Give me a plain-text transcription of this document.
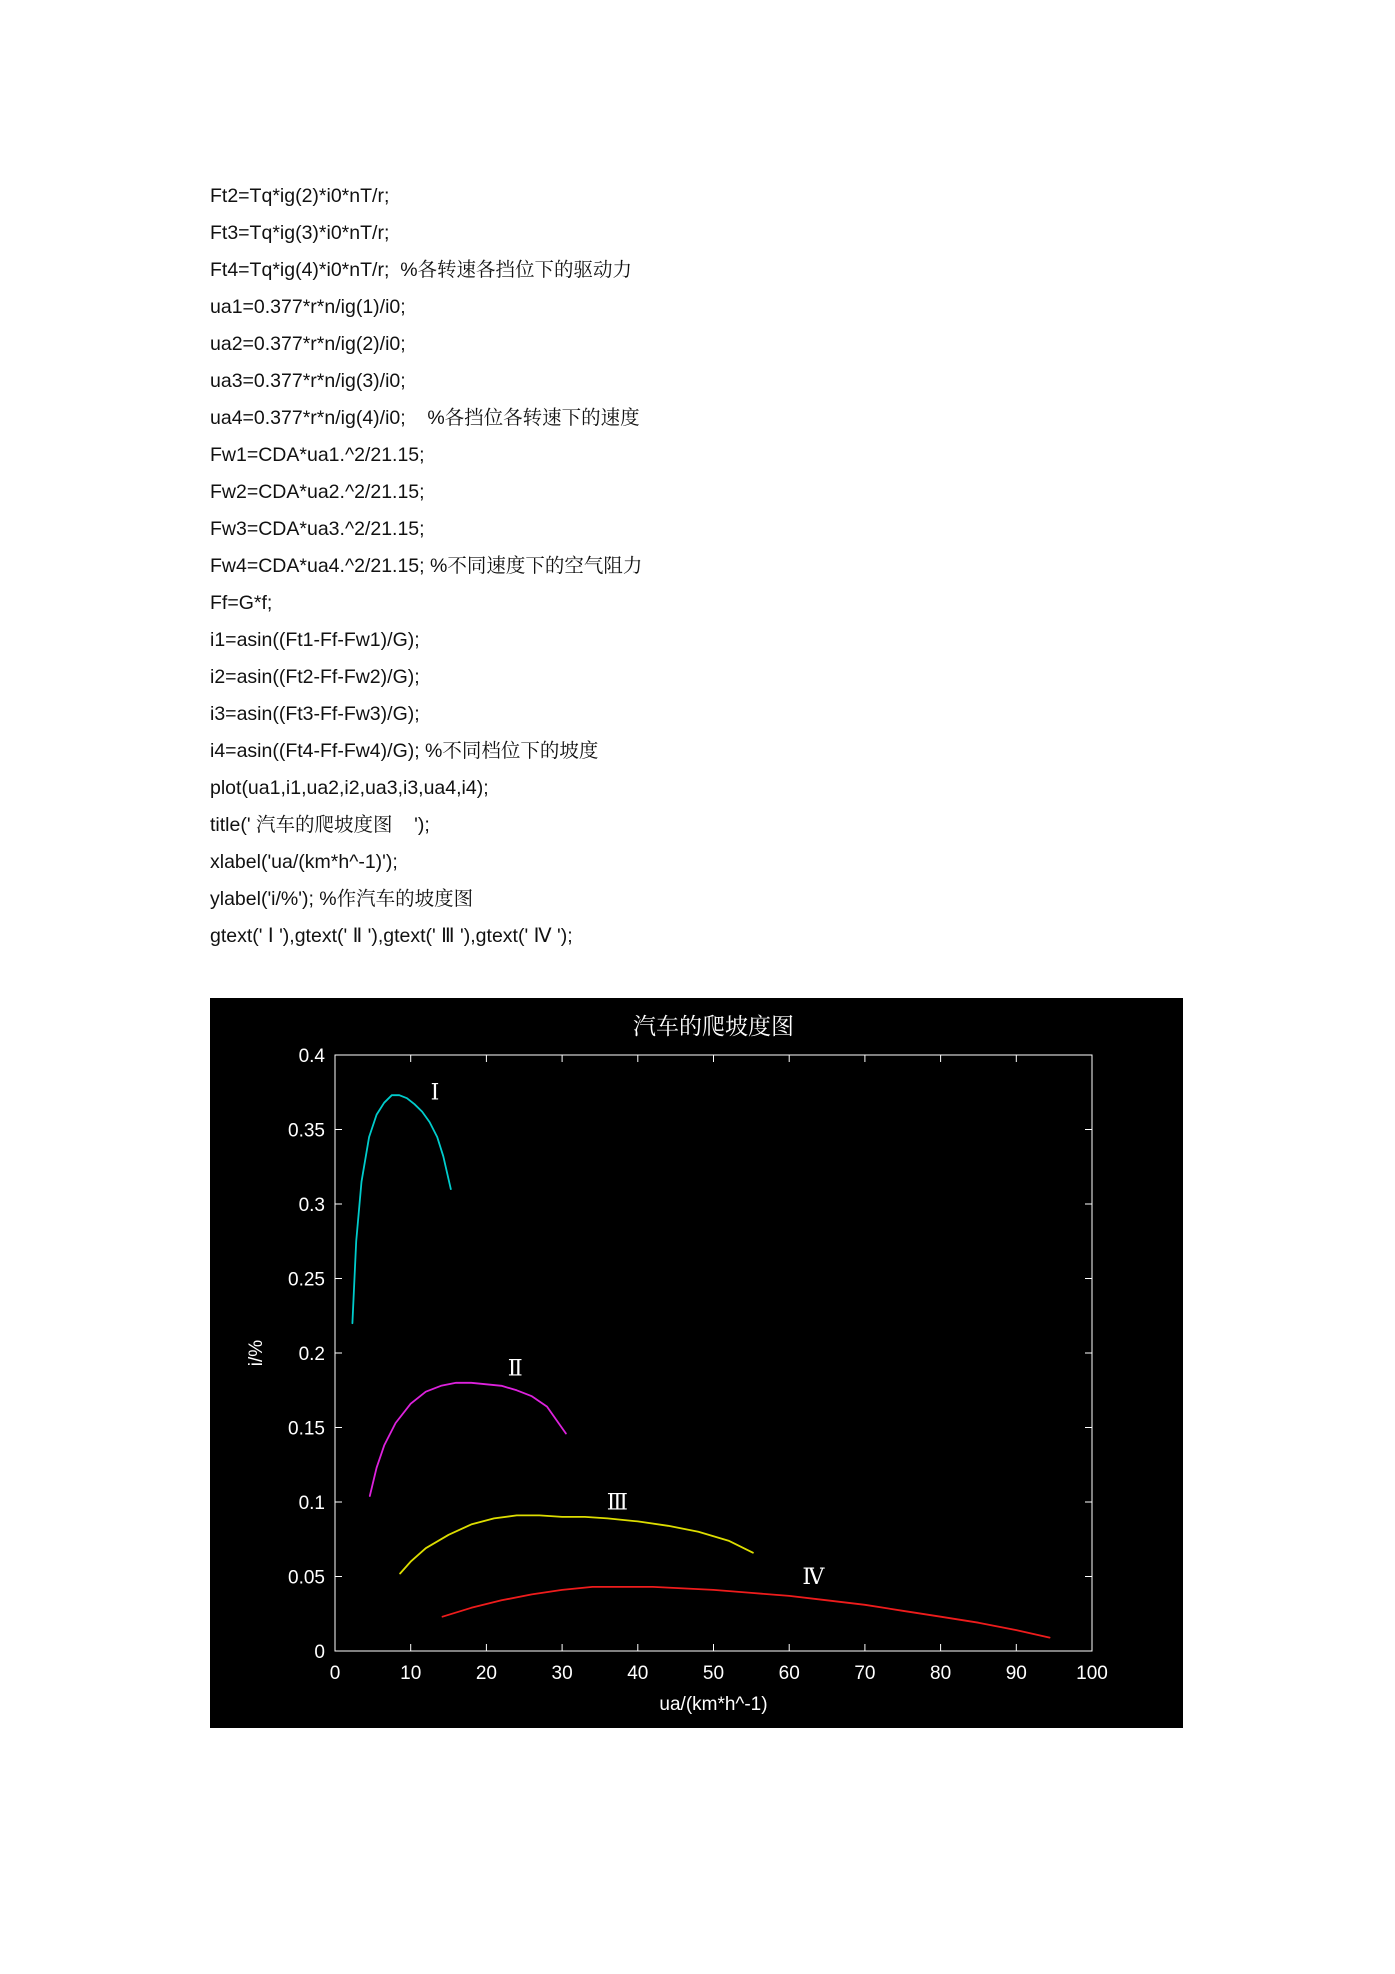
Ft2=Tq*ig(2)*i0*nT/r;
Ft3=Tq*ig(3)*i0*nT/r;
Ft4=Tq*ig(4)*i0*nT/r;  %各转速各挡位下的驱动力
ua1=0.377*r*n/ig(1)/i0;
ua2=0.377*r*n/ig(2)/i0;
ua3=0.377*r*n/ig(3)/i0;
ua4=0.377*r*n/ig(4)/i0;    %各挡位各转速下的速度
Fw1=CDA*ua1.^2/21.15;
Fw2=CDA*ua2.^2/21.15;
Fw3=CDA*ua3.^2/21.15;
Fw4=CDA*ua4.^2/21.15; %不同速度下的空气阻力
Ff=G*f;
i1=asin((Ft1-Ff-Fw1)/G);
i2=asin((Ft2-Ff-Fw2)/G);
i3=asin((Ft3-Ff-Fw3)/G);
i4=asin((Ft4-Ff-Fw4)/G); %不同档位下的坡度
plot(ua1,i1,ua2,i2,ua3,i3,ua4,i4);
title(' 汽车的爬坡度图    ');
xlabel('ua/(km*h^-1)');
ylabel('i/%'); %作汽车的坡度图
gtext(' Ⅰ '),gtext(' Ⅱ '),gtext(' Ⅲ '),gtext(' Ⅳ ');
0	10	20	30	40	50	60	70	80	90	100
0
0.05
0.1
0.15
0.2
0.25
0.3
0.35
0.4
汽车的爬坡度图
ua/(km*h^-1)
i/%
Ⅰ
Ⅱ
Ⅲ
Ⅳ
